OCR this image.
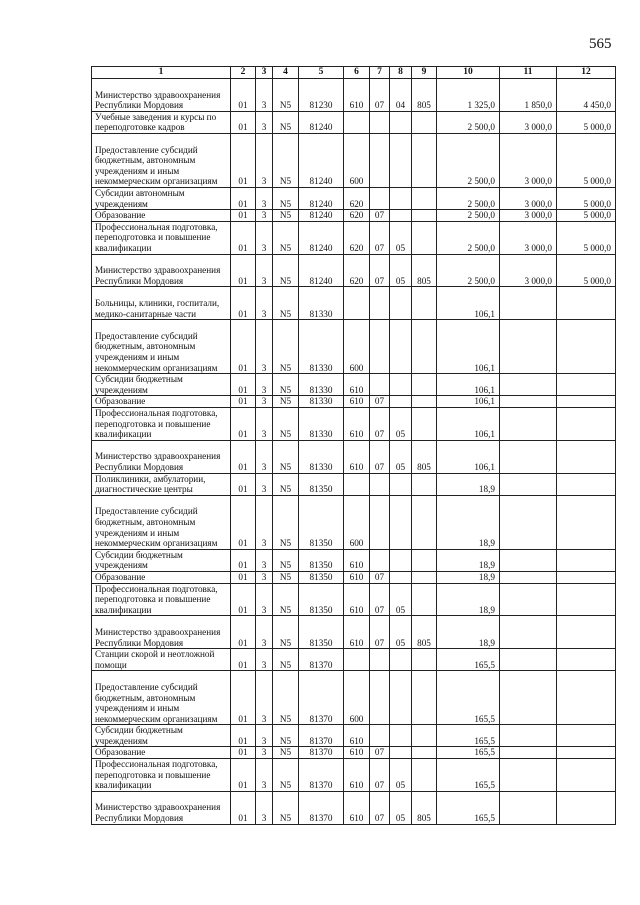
565
1	2	3	4	5	6	7	8	9	10	11	12
Министерство здравоохранения Республики Мордовия	01	3	N5	81230	610	07	04	805	1 325,0	1 850,0	4 450,0
Учебные заведения и курсы по переподготовке кадров	01	3	N5	81240					2 500,0	3 000,0	5 000,0
Предоставление субсидий бюджетным, автономным учреждениям и иным некоммерческим организациям	01	3	N5	81240	600				2 500,0	3 000,0	5 000,0
Субсидии автономным учреждениям	01	3	N5	81240	620				2 500,0	3 000,0	5 000,0
Образование	01	3	N5	81240	620	07			2 500,0	3 000,0	5 000,0
Профессиональная подготовка, переподготовка и повышение квалификации	01	3	N5	81240	620	07	05		2 500,0	3 000,0	5 000,0
Министерство здравоохранения Республики Мордовия	01	3	N5	81240	620	07	05	805	2 500,0	3 000,0	5 000,0
Больницы, клиники, госпитали, медико-санитарные части	01	3	N5	81330					106,1		
Предоставление субсидий бюджетным, автономным учреждениям и иным некоммерческим организациям	01	3	N5	81330	600				106,1		
Субсидии бюджетным учреждениям	01	3	N5	81330	610				106,1		
Образование	01	3	N5	81330	610	07			106,1		
Профессиональная подготовка, переподготовка и повышение квалификации	01	3	N5	81330	610	07	05		106,1		
Министерство здравоохранения Республики Мордовия	01	3	N5	81330	610	07	05	805	106,1		
Поликлиники, амбулатории, диагностические центры	01	3	N5	81350					18,9		
Предоставление субсидий бюджетным, автономным учреждениям и иным некоммерческим организациям	01	3	N5	81350	600				18,9		
Субсидии бюджетным учреждениям	01	3	N5	81350	610				18,9		
Образование	01	3	N5	81350	610	07			18,9		
Профессиональная подготовка, переподготовка и повышение квалификации	01	3	N5	81350	610	07	05		18,9		
Министерство здравоохранения Республики Мордовия	01	3	N5	81350	610	07	05	805	18,9		
Станции скорой и неотложной помощи	01	3	N5	81370					165,5		
Предоставление субсидий бюджетным, автономным учреждениям и иным некоммерческим организациям	01	3	N5	81370	600				165,5		
Субсидии бюджетным учреждениям	01	3	N5	81370	610				165,5		
Образование	01	3	N5	81370	610	07			165,5		
Профессиональная подготовка, переподготовка и повышение квалификации	01	3	N5	81370	610	07	05		165,5		
Министерство здравоохранения Республики Мордовия	01	3	N5	81370	610	07	05	805	165,5		
